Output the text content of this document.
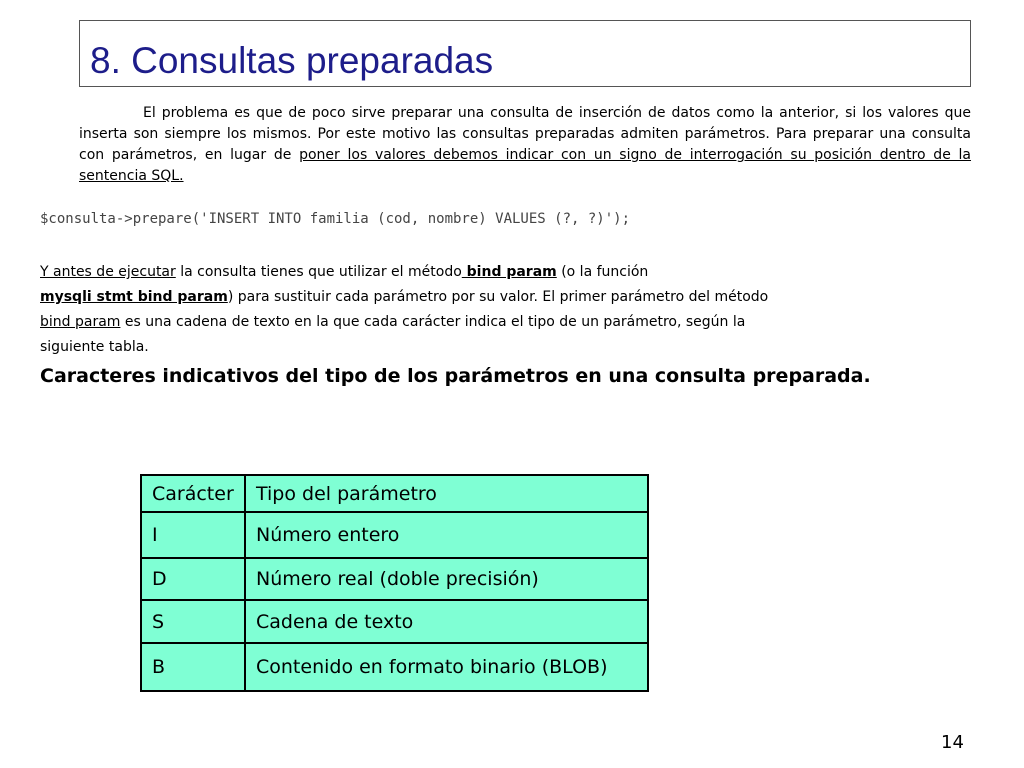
8. Consultas preparadas
El problema es que de poco sirve preparar una consulta de inserción de datos como la anterior, si los valores que inserta son siempre los mismos. Por este motivo las consultas preparadas admiten parámetros. Para preparar una consulta con parámetros, en lugar de poner los valores debemos indicar con un signo de interrogación su posición dentro de la sentencia SQL.
$consulta->prepare('INSERT INTO familia (cod, nombre) VALUES (?, ?)');
Y antes de ejecutar la consulta tienes que utilizar el método bind param (o la función
mysqli stmt bind param) para sustituir cada parámetro por su valor. El primer parámetro del método bind param es una cadena de texto en la que cada carácter indica el tipo de un parámetro, según la siguiente tabla.
Caracteres indicativos del tipo de los parámetros en una consulta preparada.
Carácter	Tipo del parámetro
I	Número entero
D	Número real (doble precisión)
S	Cadena de texto
B	Contenido en formato binario (BLOB)
14
